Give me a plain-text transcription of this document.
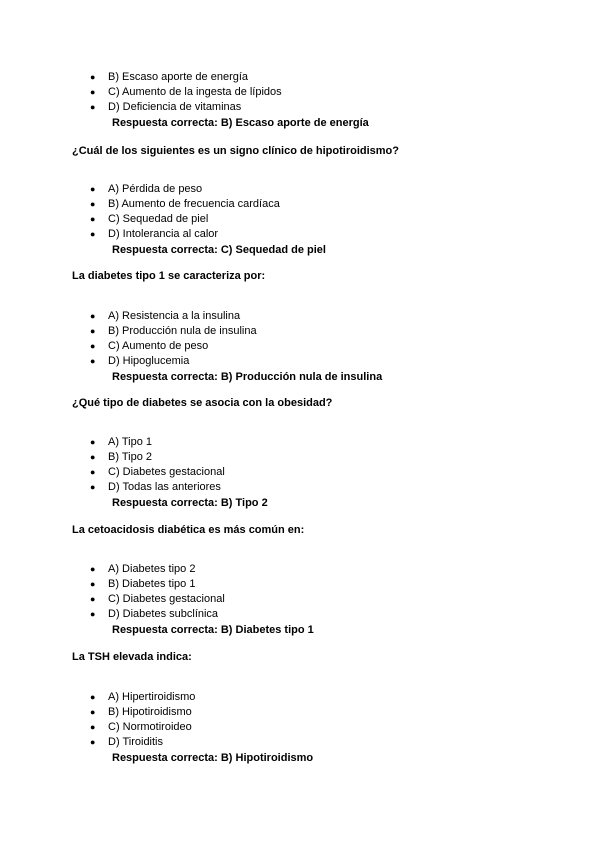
● B) Escaso aporte de energía
● C) Aumento de la ingesta de lípidos
● D) Deficiencia de vitaminas
Respuesta correcta: B) Escaso aporte de energía
¿Cuál de los siguientes es un signo clínico de hipotiroidismo?
● A) Pérdida de peso
● B) Aumento de frecuencia cardíaca
● C) Sequedad de piel
● D) Intolerancia al calor
Respuesta correcta: C) Sequedad de piel
La diabetes tipo 1 se caracteriza por:
● A) Resistencia a la insulina
● B) Producción nula de insulina
● C) Aumento de peso
● D) Hipoglucemia
Respuesta correcta: B) Producción nula de insulina
¿Qué tipo de diabetes se asocia con la obesidad?
● A) Tipo 1
● B) Tipo 2
● C) Diabetes gestacional
● D) Todas las anteriores
Respuesta correcta: B) Tipo 2
La cetoacidosis diabética es más común en:
● A) Diabetes tipo 2
● B) Diabetes tipo 1
● C) Diabetes gestacional
● D) Diabetes subclínica
Respuesta correcta: B) Diabetes tipo 1
La TSH elevada indica:
● A) Hipertiroidismo
● B) Hipotiroidismo
● C) Normotiroideo
● D) Tiroiditis
Respuesta correcta: B) Hipotiroidismo
